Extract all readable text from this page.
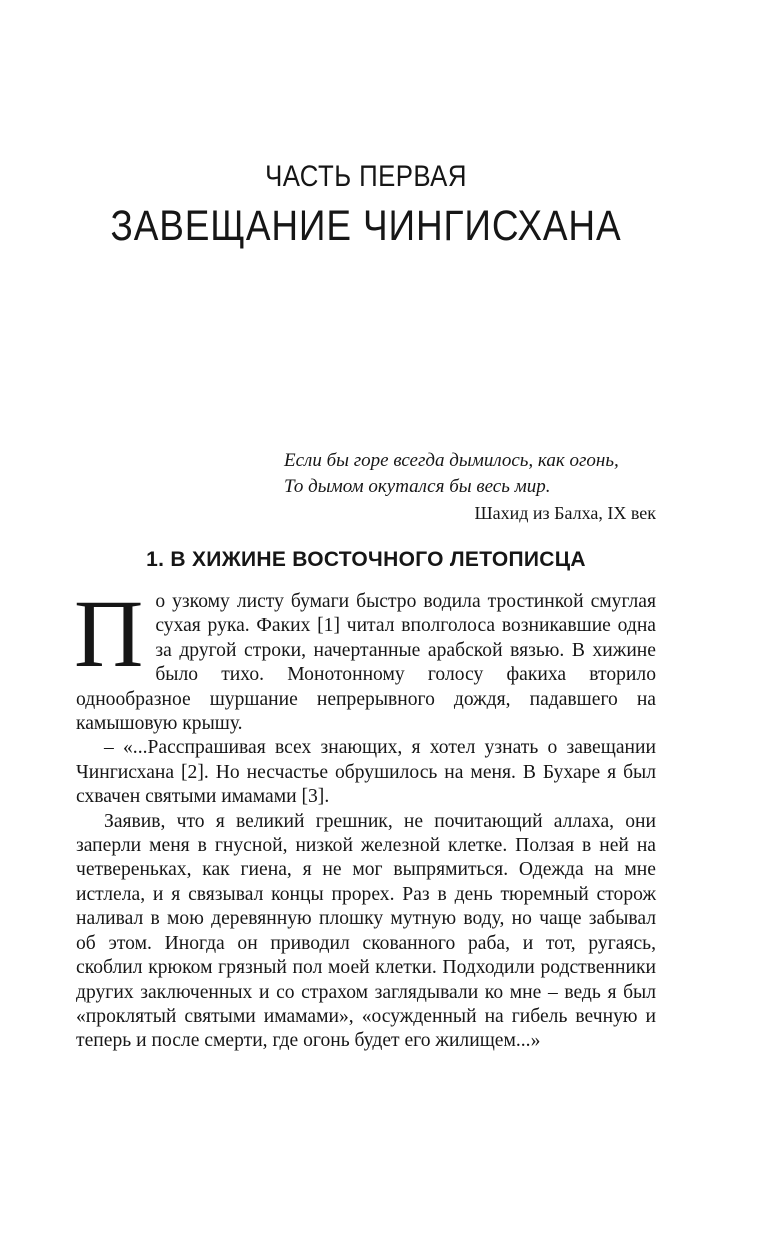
ЧАСТЬ ПЕРВАЯ
ЗАВЕЩАНИЕ ЧИНГИСХАНА
Если бы горе всегда дымилось, как огонь,
То дымом окутался бы весь мир.
Шахид из Балха, IX век
1. В ХИЖИНЕ ВОСТОЧНОГО ЛЕТОПИСЦА

По узкому листу бумаги быстро водила тростинкой смуглая сухая рука. Факих [1] читал вполголоса возникавшие одна за другой строки, начертанные арабской вязью. В хижине было тихо. Монотонному голосу факиха вторило однообразное шуршание непрерывного дождя, падавшего на камышовую крышу.

– «...Расспрашивая всех знающих, я хотел узнать о завещании Чингисхана [2]. Но несчастье обрушилось на меня. В Бухаре я был схвачен святыми имамами [3].

Заявив, что я великий грешник, не почитающий аллаха, они заперли меня в гнусной, низкой железной клетке. Ползая в ней на четвереньках, как гиена, я не мог выпрямиться. Одежда на мне истлела, и я связывал концы прорех. Раз в день тюремный сторож наливал в мою деревянную плошку мутную воду, но чаще забывал об этом. Иногда он приводил скованного раба, и тот, ругаясь, скоблил крюком грязный пол моей клетки. Подходили родственники других заключенных и со страхом заглядывали ко мне – ведь я был «проклятый святыми имамами», «осужденный на гибель вечную и теперь и после смерти, где огонь будет его жилищем...»
